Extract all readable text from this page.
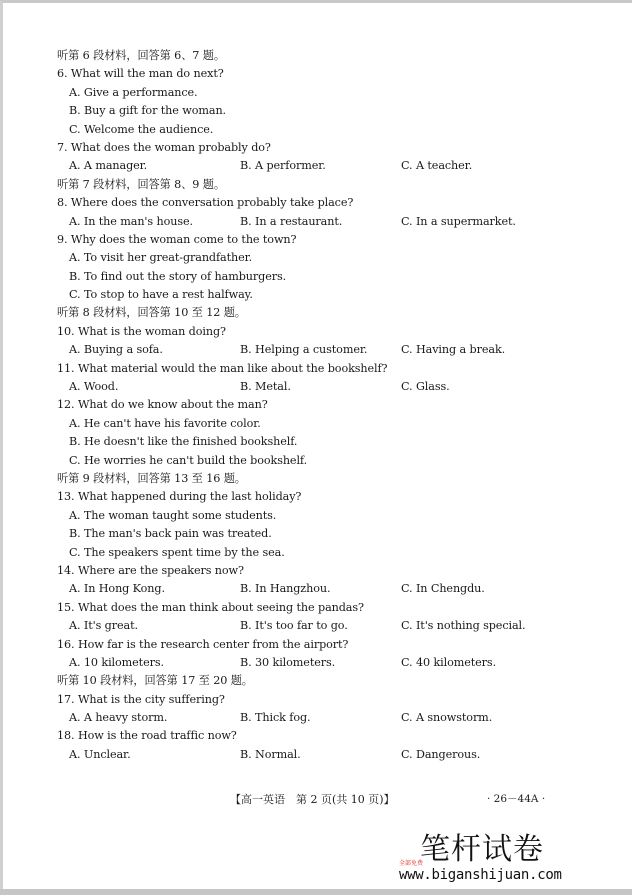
听第 6 段材料，回答第 6、7 题。
6. What will the man do next?
A. Give a performance.
B. Buy a gift for the woman.
C. Welcome the audience.
7. What does the woman probably do?
A. A manager.	B. A performer.	C. A teacher.
听第 7 段材料，回答第 8、9 题。
8. Where does the conversation probably take place?
A. In the man's house.	B. In a restaurant.	C. In a supermarket.
9. Why does the woman come to the town?
A. To visit her great-grandfather.
B. To find out the story of hamburgers.
C. To stop to have a rest halfway.
听第 8 段材料，回答第 10 至 12 题。
10. What is the woman doing?
A. Buying a sofa.	B. Helping a customer.	C. Having a break.
11. What material would the man like about the bookshelf?
A. Wood.	B. Metal.	C. Glass.
12. What do we know about the man?
A. He can't have his favorite color.
B. He doesn't like the finished bookshelf.
C. He worries he can't build the bookshelf.
听第 9 段材料，回答第 13 至 16 题。
13. What happened during the last holiday?
A. The woman taught some students.
B. The man's back pain was treated.
C. The speakers spent time by the sea.
14. Where are the speakers now?
A. In Hong Kong.	B. In Hangzhou.	C. In Chengdu.
15. What does the man think about seeing the pandas?
A. It's great.	B. It's too far to go.	C. It's nothing special.
16. How far is the research center from the airport?
A. 10 kilometers.	B. 30 kilometers.	C. 40 kilometers.
听第 10 段材料，回答第 17 至 20 题。
17. What is the city suffering?
A. A heavy storm.	B. Thick fog.	C. A snowstorm.
18. How is the road traffic now?
A. Unclear.	B. Normal.	C. Dangerous.
【高一英语　第 2 页(共 10 页)】	· 26－44A ·
笔杆试卷
全部免费
www.biganshijuan.com
